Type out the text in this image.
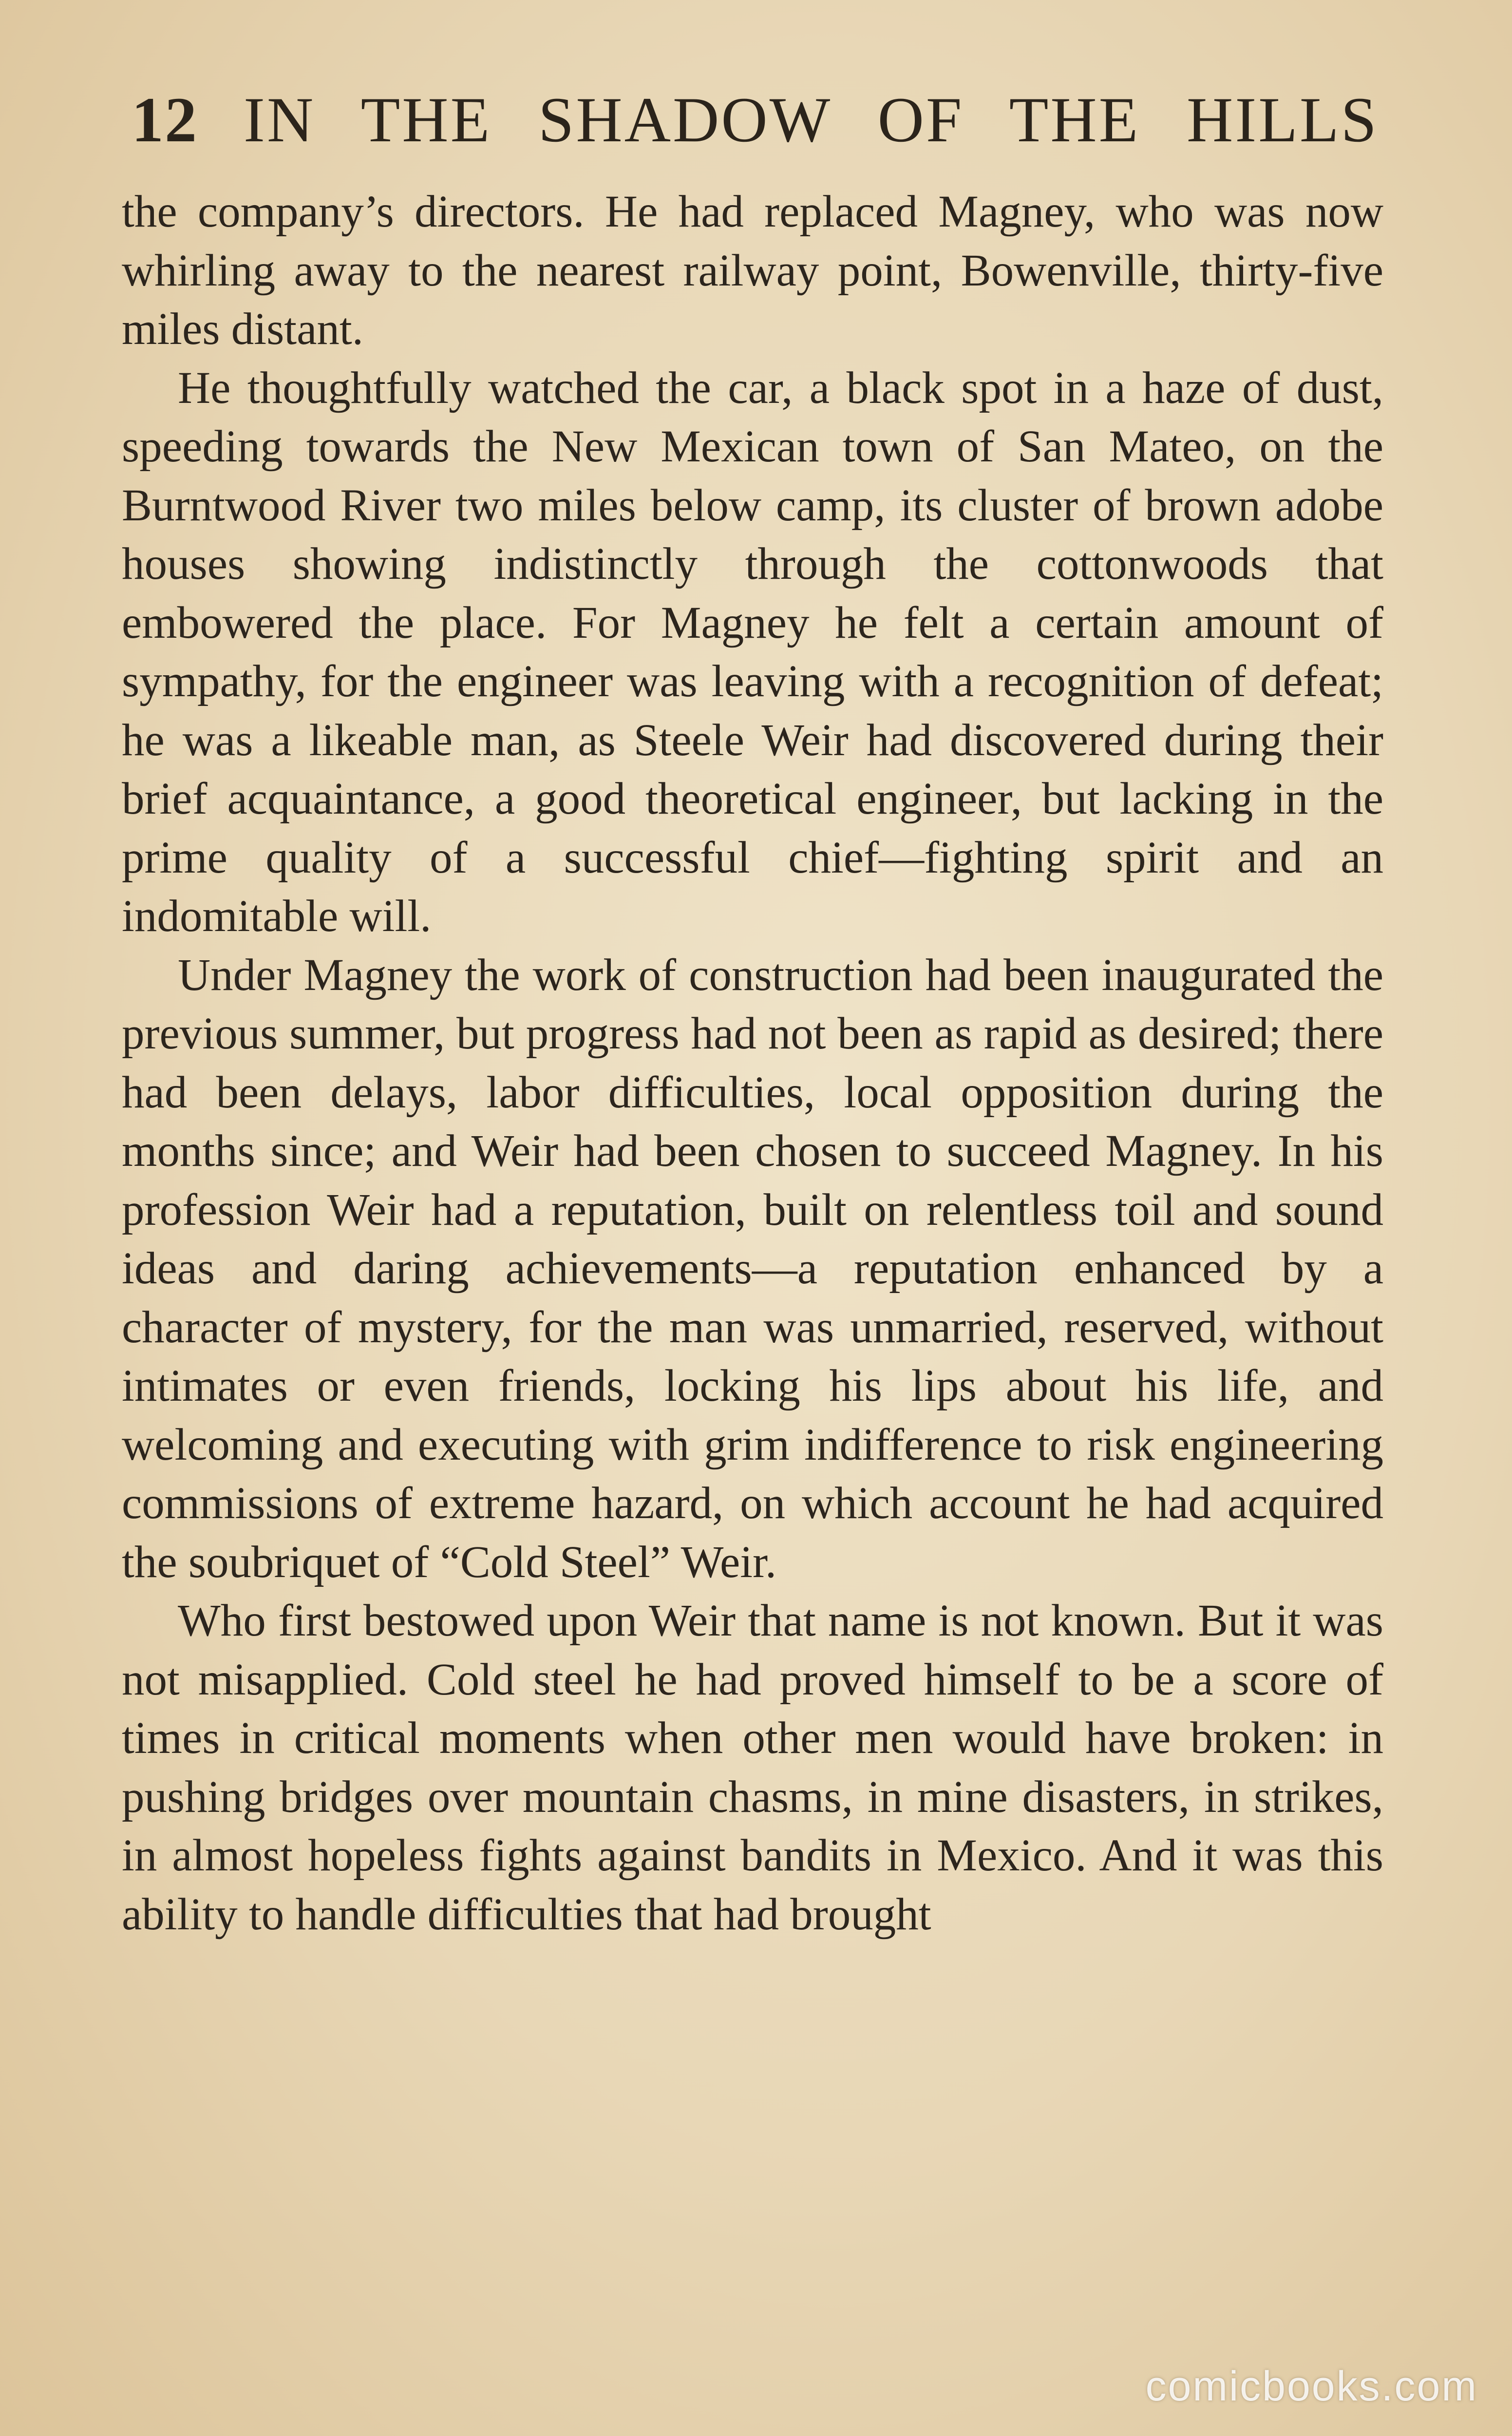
12 IN THE SHADOW OF THE HILLS

the company’s directors. He had replaced Magney, who was now whirling away to the nearest railway point, Bowenville, thirty-five miles distant.

He thoughtfully watched the car, a black spot in a haze of dust, speeding towards the New Mexican town of San Mateo, on the Burntwood River two miles below camp, its cluster of brown adobe houses showing indistinctly through the cottonwoods that embowered the place. For Magney he felt a certain amount of sympathy, for the engineer was leaving with a recognition of defeat; he was a likeable man, as Steele Weir had discovered during their brief acquaintance, a good theoretical engineer, but lacking in the prime quality of a successful chief—fighting spirit and an indomitable will.

Under Magney the work of construction had been inaugurated the previous summer, but progress had not been as rapid as desired; there had been delays, labor difficulties, local opposition during the months since; and Weir had been chosen to succeed Magney. In his profession Weir had a reputation, built on relentless toil and sound ideas and daring achievements—a reputation enhanced by a character of mystery, for the man was unmarried, reserved, without intimates or even friends, locking his lips about his life, and welcoming and executing with grim indifference to risk engineering commissions of extreme hazard, on which account he had acquired the soubriquet of “Cold Steel” Weir.

Who first bestowed upon Weir that name is not known. But it was not misapplied. Cold steel he had proved himself to be a score of times in critical moments when other men would have broken: in pushing bridges over mountain chasms, in mine disasters, in strikes, in almost hopeless fights against bandits in Mexico. And it was this ability to handle difficulties that had brought

comicbooks.com
